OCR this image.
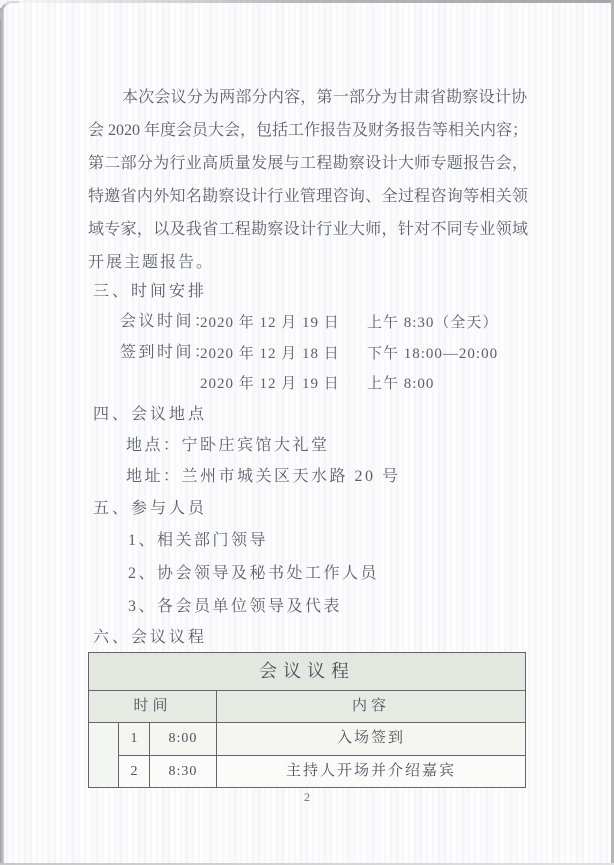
本次会议分为两部分内容，第一部分为甘肃省勘察设计协
会 2020 年度会员大会，包括工作报告及财务报告等相关内容；
第二部分为行业高质量发展与工程勘察设计大师专题报告会，
特邀省内外知名勘察设计行业管理咨询、全过程咨询等相关领
域专家，以及我省工程勘察设计行业大师，针对不同专业领域
开展主题报告。
三、时间安排
会议时间：
2020 年 12 月 19 日 上午 8:30（全天）
签到时间：
2020 年 12 月 18 日 下午 18:00—20:00
2020 年 12 月 19 日 上午 8:00
四、会议地点
地点：宁卧庄宾馆大礼堂
地址：兰州市城关区天水路 20 号
五、参与人员
1、相关部门领导
2、协会领导及秘书处工作人员
3、各会员单位领导及代表
六、会议议程
会议议程
时间	内容
1	8:00	入场签到
2	8:30	主持人开场并介绍嘉宾
2
